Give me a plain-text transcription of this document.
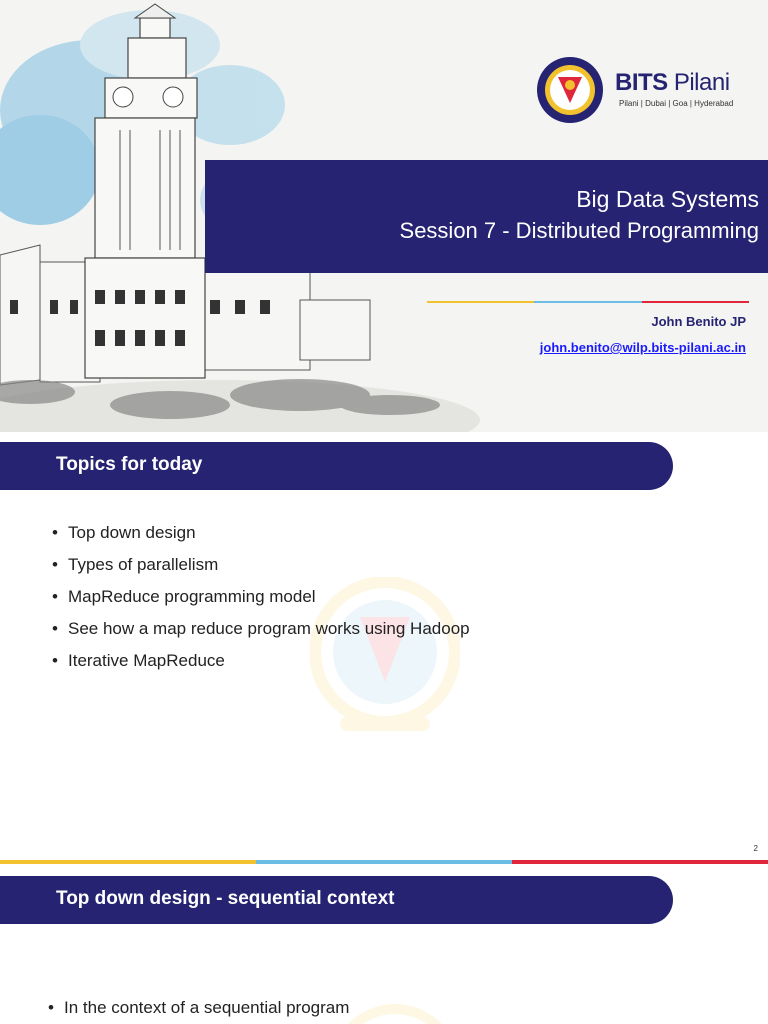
BITS Pilani
Pilani | Dubai | Goa | Hyderabad
Big Data Systems
Session 7 - Distributed Programming
John Benito JP
john.benito@wilp.bits-pilani.ac.in
Topics for today
• Top down design
• Types of parallelism
• MapReduce programming model
• See how a map reduce program works using Hadoop
• Iterative MapReduce
2
Top down design - sequential context
• In the context of a sequential program
